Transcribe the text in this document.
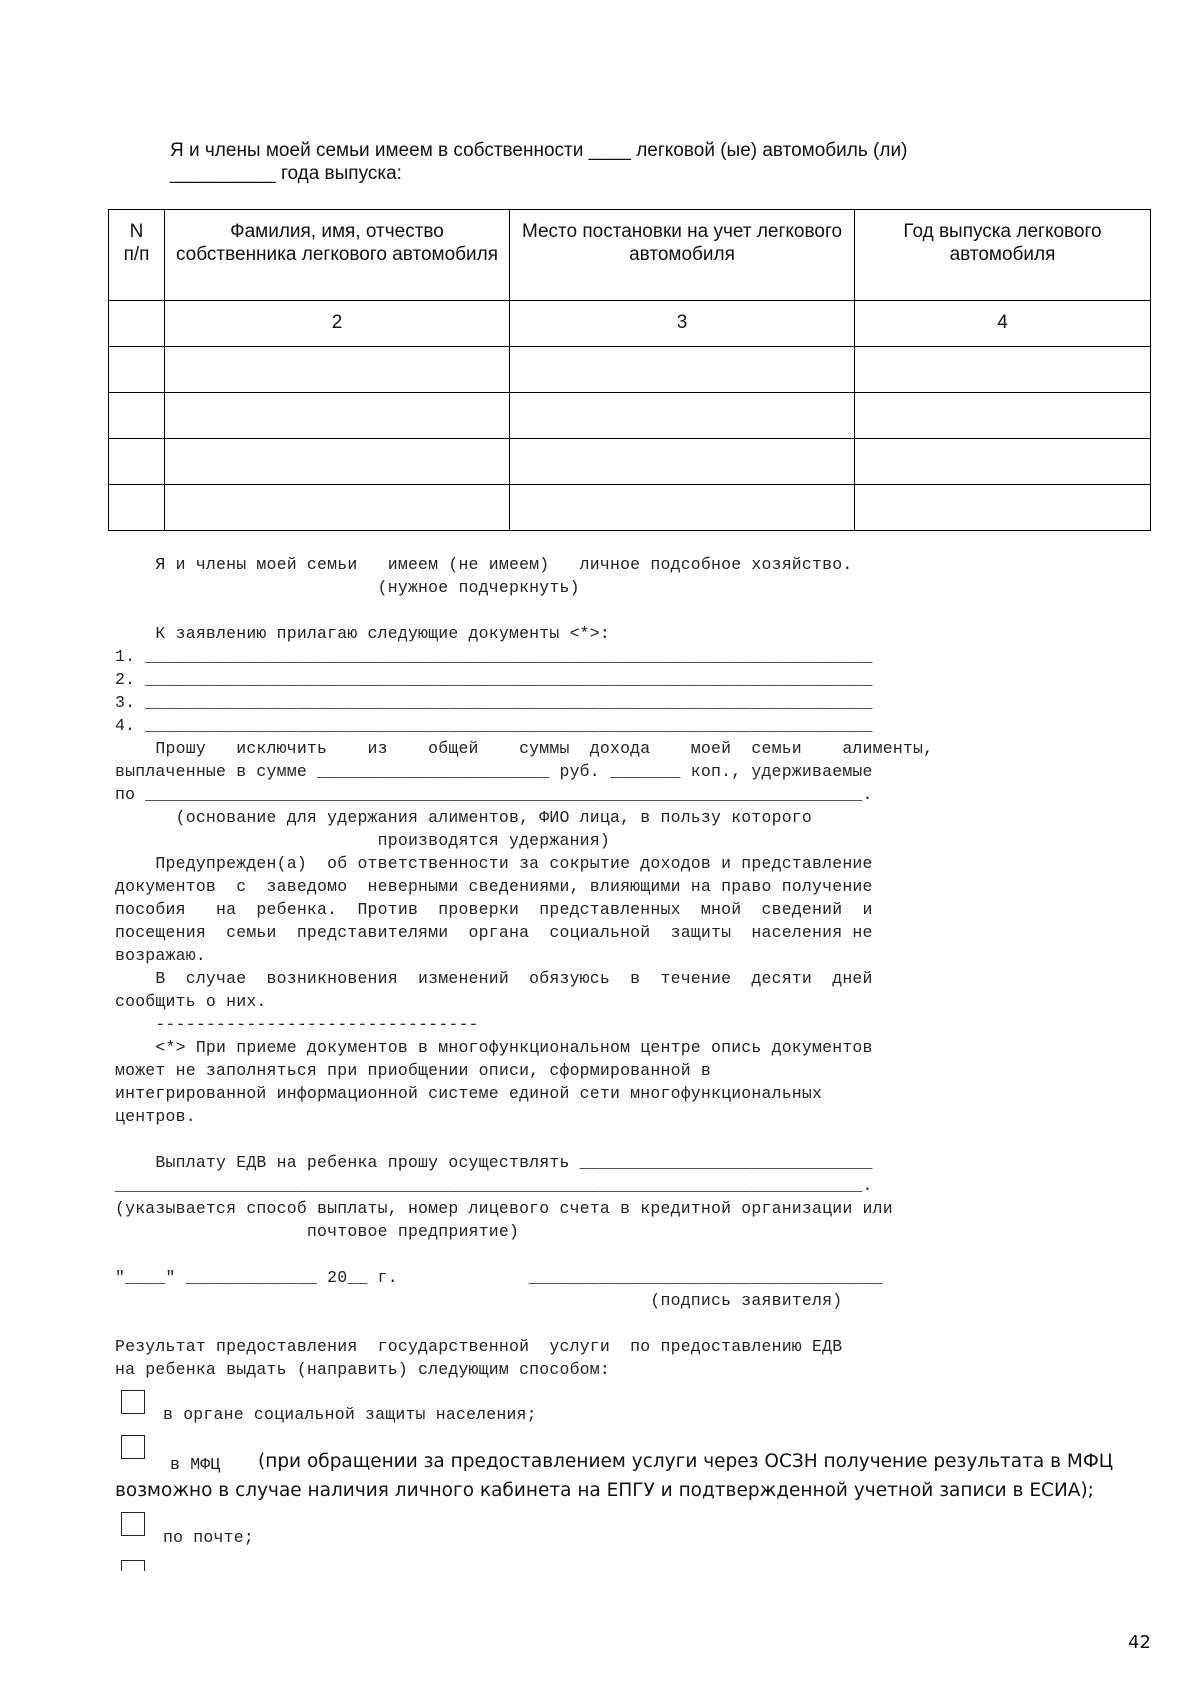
Я и члены моей семьи имеем в собственности ____ легковой (ые) автомобиль (ли)
__________ года выпуска:
N
п/п	Фамилия, имя, отчество собственника легкового автомобиля	Место постановки на учет легкового автомобиля	Год выпуска легкового автомобиля
	2	3	4

Я и члены моей семьи   имеем (не имеем)   личное подсобное хозяйство.
(нужное подчеркнуть)
К заявлению прилагаю следующие документы <*>:
1. ________________________________________________________________________
2. ________________________________________________________________________
3. ________________________________________________________________________
4. ________________________________________________________________________
Прошу   исключить    из    общей    суммы  дохода    моей  семьи    алименты,
выплаченные в сумме _______________________ руб. _______ коп., удерживаемые
по _______________________________________________________________________.
(основание для удержания алиментов, ФИО лица, в пользу которого
производятся удержания)
Предупрежден(а)  об ответственности за сокрытие доходов и представление
документов  с  заведомо  неверными сведениями, влияющими на право получение
пособия   на  ребенка.  Против  проверки  представленных  мной  сведений  и
посещения  семьи  представителями  органа  социальной  защиты  населения не
возражаю.
В  случае  возникновения  изменений  обязуюсь  в  течение  десяти  дней
сообщить о них.
--------------------------------
<*> При приеме документов в многофункциональном центре опись документов
может не заполняться при приобщении описи, сформированной в
интегрированной информационной системе единой сети многофункциональных
центров.
Выплату ЕДВ на ребенка прошу осуществлять _____________________________
__________________________________________________________________________.
(указывается способ выплаты, номер лицевого счета в кредитной организации или
почтовое предприятие)
"____" _____________ 20__ г.             ___________________________________
(подпись заявителя)
Результат предоставления  государственной  услуги  по предоставлению ЕДВ
на ребенка выдать (направить) следующим способом:
в органе социальной защиты населения;
в МФЦ (при обращении за предоставлением услуги через ОСЗН получение результата в МФЦ
возможно в случае наличия личного кабинета на ЕПГУ и подтвержденной учетной записи в ЕСИА);
по почте;
42
